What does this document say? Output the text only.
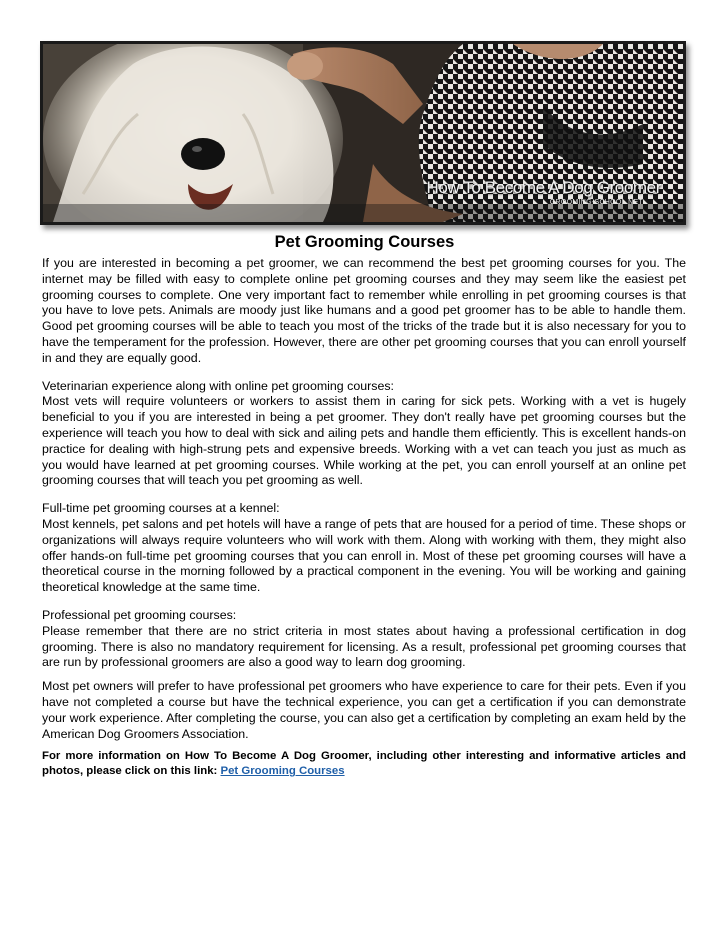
How To Become A Dog Groomer
GROOMING-SCHOOL.NET
Pet Grooming Courses

If you are interested in becoming a pet groomer, we can recommend the best pet grooming courses for you. The internet may be filled with easy to complete online pet grooming courses and they may seem like the easiest pet grooming courses to complete. One very important fact to remember while enrolling in pet grooming courses is that you have to love pets. Animals are moody just like humans and a good pet groomer has to be able to handle them. Good pet grooming courses will be able to teach you most of the tricks of the trade but it is also necessary for you to have the temperament for the profession. However, there are other pet grooming courses that you can enroll yourself in and they are equally good.

Veterinarian experience along with online pet grooming courses:
Most vets will require volunteers or workers to assist them in caring for sick pets. Working with a vet is hugely beneficial to you if you are interested in being a pet groomer. They don't really have pet grooming courses but the experience will teach you how to deal with sick and ailing pets and handle them efficiently. This is excellent hands-on practice for dealing with high-strung pets and expensive breeds. Working with a vet can teach you just as much as you would have learned at pet grooming courses. While working at the pet, you can enroll yourself at an online pet grooming courses that will teach you pet grooming as well.

Full-time pet grooming courses at a kennel:
Most kennels, pet salons and pet hotels will have a range of pets that are housed for a period of time. These shops or organizations will always require volunteers who will work with them. Along with working with them, they might also offer hands-on full-time pet grooming courses that you can enroll in. Most of these pet grooming courses will have a theoretical course in the morning followed by a practical component in the evening. You will be working and gaining theoretical knowledge at the same time.

Professional pet grooming courses:
Please remember that there are no strict criteria in most states about having a professional certification in dog grooming. There is also no mandatory requirement for licensing. As a result, professional pet grooming courses that are run by professional groomers are also a good way to learn dog grooming.

Most pet owners will prefer to have professional pet groomers who have experience to care for their pets. Even if you have not completed a course but have the technical experience, you can get a certification if you can demonstrate your work experience. After completing the course, you can also get a certification by completing an exam held by the American Dog Groomers Association.

For more information on How To Become A Dog Groomer, including other interesting and informative articles and photos, please click on this link: Pet Grooming Courses
